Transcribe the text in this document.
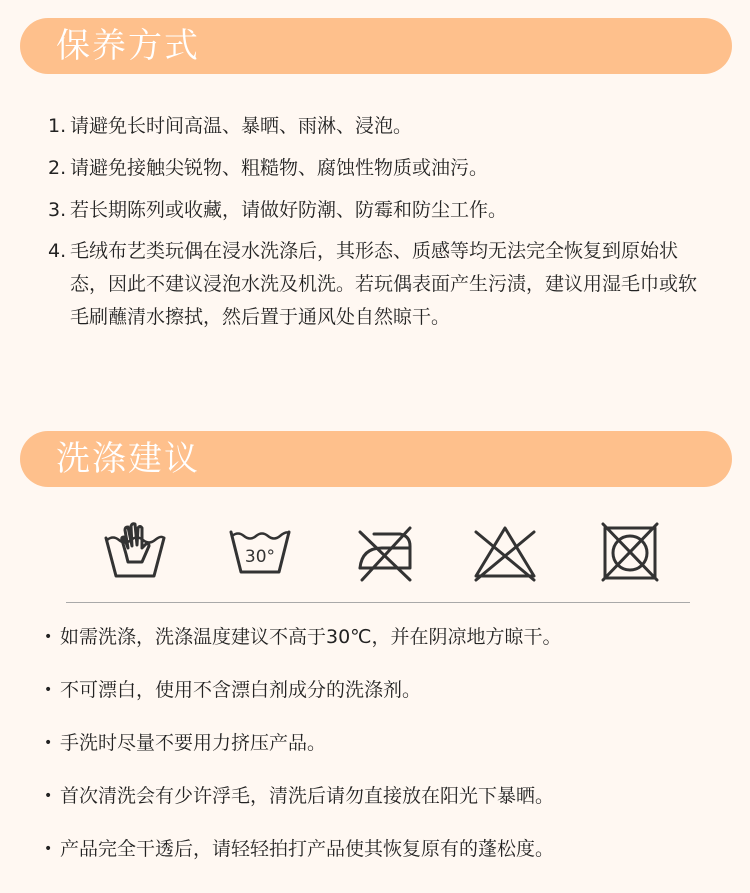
保养方式
1. 请避免长时间高温、暴晒、雨淋、浸泡。
2. 请避免接触尖锐物、粗糙物、腐蚀性物质或油污。
3. 若长期陈列或收藏，请做好防潮、防霉和防尘工作。
4. 毛绒布艺类玩偶在浸水洗涤后，其形态、质感等均无法完全恢复到原始状态，因此不建议浸泡水洗及机洗。若玩偶表面产生污渍，建议用湿毛巾或软毛刷蘸清水擦拭，然后置于通风处自然晾干。
洗涤建议
30°
• 如需洗涤，洗涤温度建议不高于30℃，并在阴凉地方晾干。
• 不可漂白，使用不含漂白剂成分的洗涤剂。
• 手洗时尽量不要用力挤压产品。
• 首次清洗会有少许浮毛，清洗后请勿直接放在阳光下暴晒。
• 产品完全干透后，请轻轻拍打产品使其恢复原有的蓬松度。
